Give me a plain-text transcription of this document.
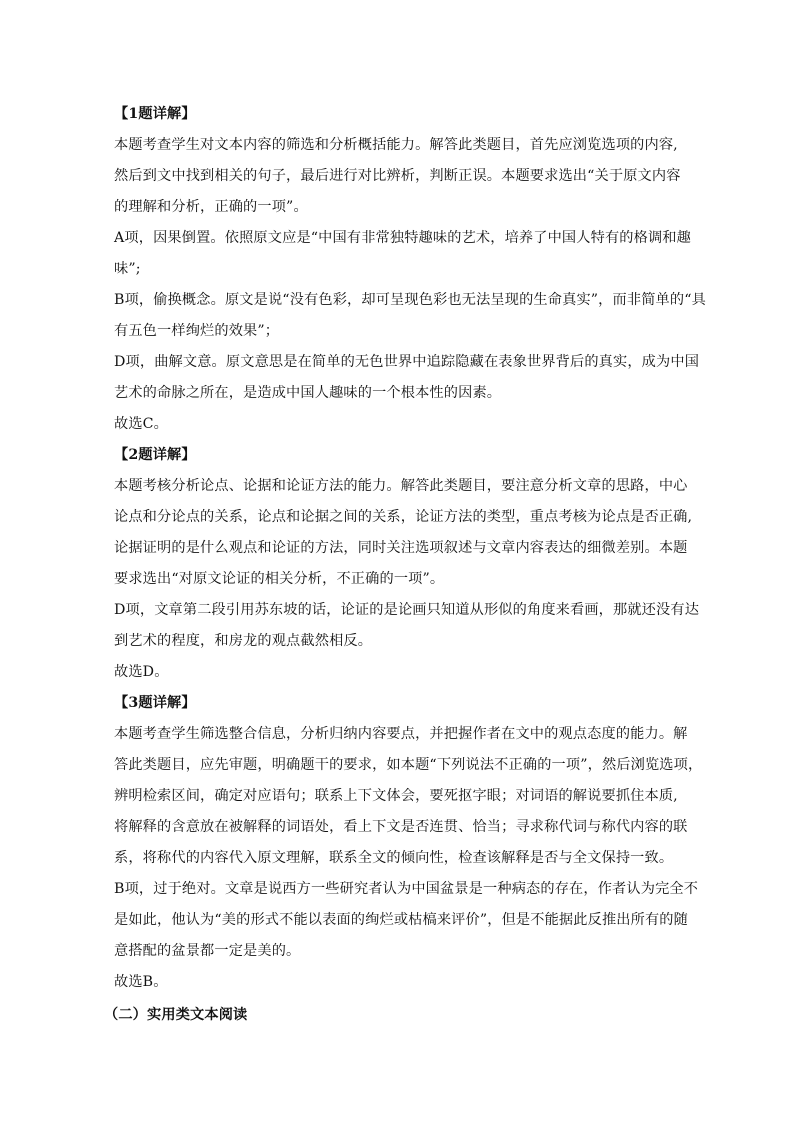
【1题详解】
本题考查学生对文本内容的筛选和分析概括能力。解答此类题目，首先应浏览选项的内容,
然后到文中找到相关的句子，最后进行对比辨析，判断正误。本题要求选出“关于原文内容
的理解和分析，正确的一项”。
A项，因果倒置。依照原文应是“中国有非常独特趣味的艺术，培养了中国人特有的格调和趣
味”;
B项，偷换概念。原文是说“没有色彩，却可呈现色彩也无法呈现的生命真实”，而非简单的“具
有五色一样绚烂的效果”；
D项，曲解文意。原文意思是在简单的无色世界中追踪隐藏在表象世界背后的真实，成为中国
艺术的命脉之所在，是造成中国人趣味的一个根本性的因素。
故选C。
【2题详解】
本题考核分析论点、论据和论证方法的能力。解答此类题目，要注意分析文章的思路，中心
论点和分论点的关系，论点和论据之间的关系，论证方法的类型，重点考核为论点是否正确,
论据证明的是什么观点和论证的方法，同时关注选项叙述与文章内容表达的细微差别。本题
要求选出“对原文论证的相关分析，不正确的一项”。
D项，文章第二段引用苏东坡的话，论证的是论画只知道从形似的角度来看画，那就还没有达
到艺术的程度，和房龙的观点截然相反。
故选D。
【3题详解】
本题考查学生筛选整合信息，分析归纳内容要点，并把握作者在文中的观点态度的能力。解
答此类题目，应先审题，明确题干的要求，如本题“下列说法不正确的一项”，然后浏览选项，
辨明检索区间，确定对应语句；联系上下文体会，要死抠字眼；对词语的解说要抓住本质,
将解释的含意放在被解释的词语处，看上下文是否连贯、恰当；寻求称代词与称代内容的联
系，将称代的内容代入原文理解，联系全文的倾向性，检查该解释是否与全文保持一致。
B项，过于绝对。文章是说西方一些研究者认为中国盆景是一种病态的存在，作者认为完全不
是如此，他认为“美的形式不能以表面的绚烂或枯槁来评价”，但是不能据此反推出所有的随
意搭配的盆景都一定是美的。
故选B。
（二）实用类文本阅读
